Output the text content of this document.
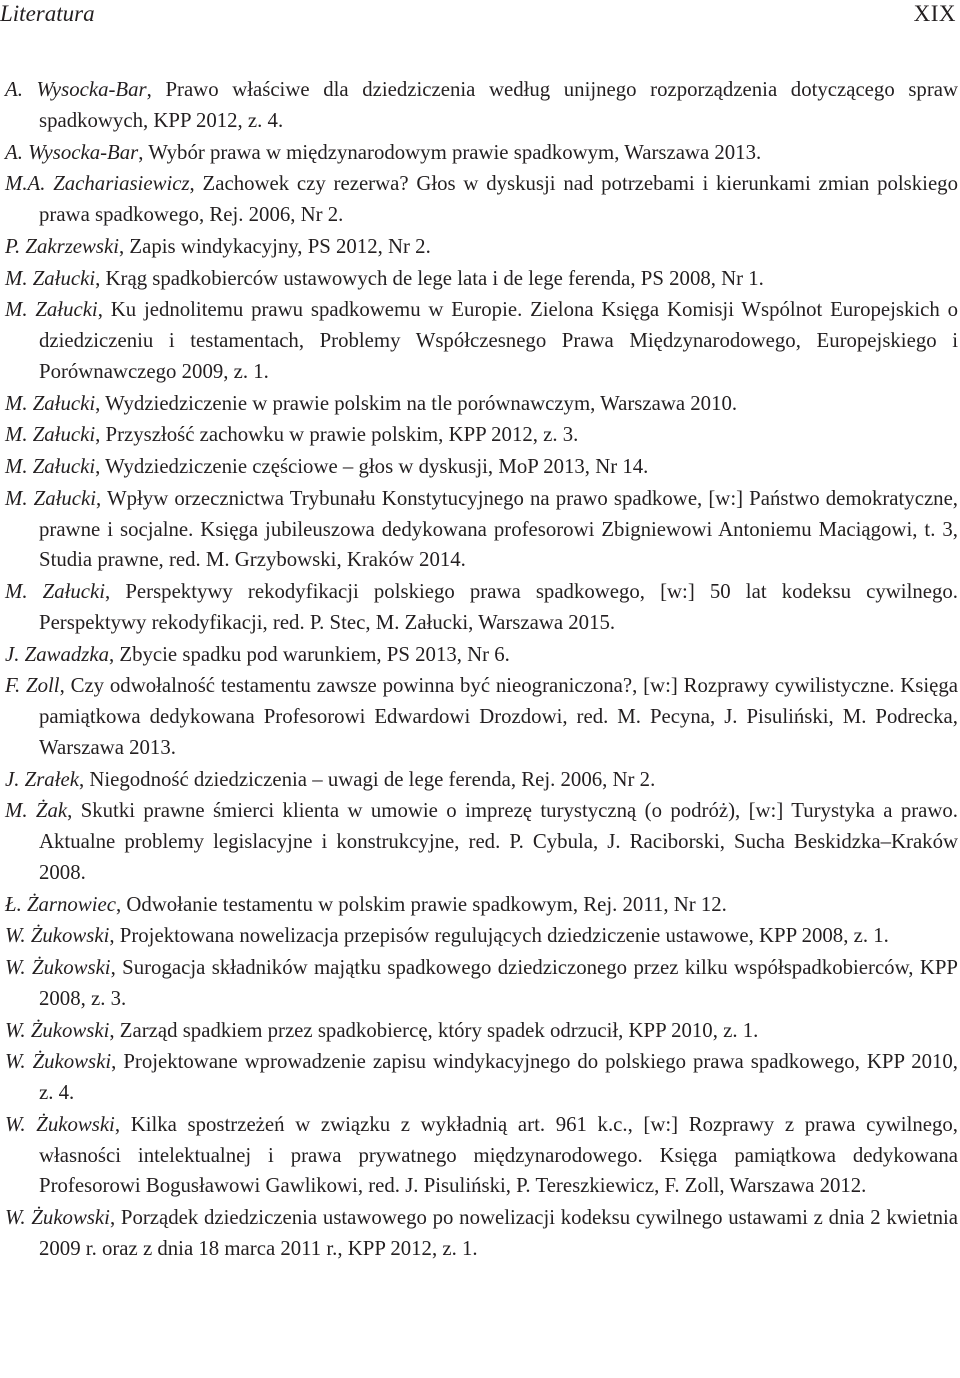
Literatura	XIX
A. Wysocka-Bar , Prawo właściwe dla dziedziczenia według unijnego rozporządzenia dotyczącego spraw spadkowych, KPP 2012, z. 4.
A. Wysocka-Bar , Wybór prawa w międzynarodowym prawie spadkowym, Warszawa 2013.
M.A. Zachariasiewicz , Zachowek czy rezerwa? Głos w dyskusji nad potrzebami i kierunkami zmian polskiego prawa spadkowego, Rej. 2006, Nr 2.
P. Zakrzewski , Zapis windykacyjny, PS 2012, Nr 2.
M. Załucki , Krąg spadkobierców ustawowych de lege lata i de lege ferenda, PS 2008, Nr 1.
M. Załucki , Ku jednolitemu prawu spadkowemu w Europie. Zielona Księga Komisji Wspólnot Europejskich o dziedziczeniu i testamentach, Problemy Współczesnego Prawa Międzynarodowego, Europejskiego i Porównawczego 2009, z. 1.
M. Załucki , Wydziedziczenie w prawie polskim na tle porównawczym, Warszawa 2010.
M. Załucki , Przyszłość zachowku w prawie polskim, KPP 2012, z. 3.
M. Załucki , Wydziedziczenie częściowe – głos w dyskusji, MoP 2013, Nr 14.
M. Załucki , Wpływ orzecznictwa Trybunału Konstytucyjnego na prawo spadkowe, [w:] Państwo demokratyczne, prawne i socjalne. Księga jubileuszowa dedykowana profesorowi Zbigniewowi Antoniemu Maciągowi, t. 3, Studia prawne, red. M. Grzybowski, Kraków 2014.
M. Załucki , Perspektywy rekodyfikacji polskiego prawa spadkowego, [w:] 50 lat kodeksu cywilnego. Perspektywy rekodyfikacji, red. P. Stec, M. Załucki, Warszawa 2015.
J. Zawadzka , Zbycie spadku pod warunkiem, PS 2013, Nr 6.
F. Zoll , Czy odwołalność testamentu zawsze powinna być nieograniczona?, [w:] Rozprawy cywilistyczne. Księga pamiątkowa dedykowana Profesorowi Edwardowi Drozdowi, red. M. Pecyna, J. Pisuliński, M. Podrecka, Warszawa 2013.
J. Zrałek , Niegodność dziedziczenia – uwagi de lege ferenda, Rej. 2006, Nr 2.
M. Żak , Skutki prawne śmierci klienta w umowie o imprezę turystyczną (o podróż), [w:] Turystyka a prawo. Aktualne problemy legislacyjne i konstrukcyjne, red. P. Cybula, J. Raciborski, Sucha Beskidzka–Kraków 2008.
Ł. Żarnowiec , Odwołanie testamentu w polskim prawie spadkowym, Rej. 2011, Nr 12.
W. Żukowski , Projektowana nowelizacja przepisów regulujących dziedziczenie ustawowe, KPP 2008, z. 1.
W. Żukowski , Surogacja składników majątku spadkowego dziedziczonego przez kilku współspadkobierców, KPP 2008, z. 3.
W. Żukowski , Zarząd spadkiem przez spadkobiercę, który spadek odrzucił, KPP 2010, z. 1.
W. Żukowski , Projektowane wprowadzenie zapisu windykacyjnego do polskiego prawa spadkowego, KPP 2010, z. 4.
W. Żukowski , Kilka spostrzeżeń w związku z wykładnią art. 961 k.c., [w:] Rozprawy z prawa cywilnego, własności intelektualnej i prawa prywatnego międzynarodowego. Księga pamiątkowa dedykowana Profesorowi Bogusławowi Gawlikowi, red. J. Pisuliński, P. Tereszkiewicz, F. Zoll, Warszawa 2012.
W. Żukowski , Porządek dziedziczenia ustawowego po nowelizacji kodeksu cywilnego ustawami z dnia 2 kwietnia 2009 r. oraz z dnia 18 marca 2011 r., KPP 2012, z. 1.
